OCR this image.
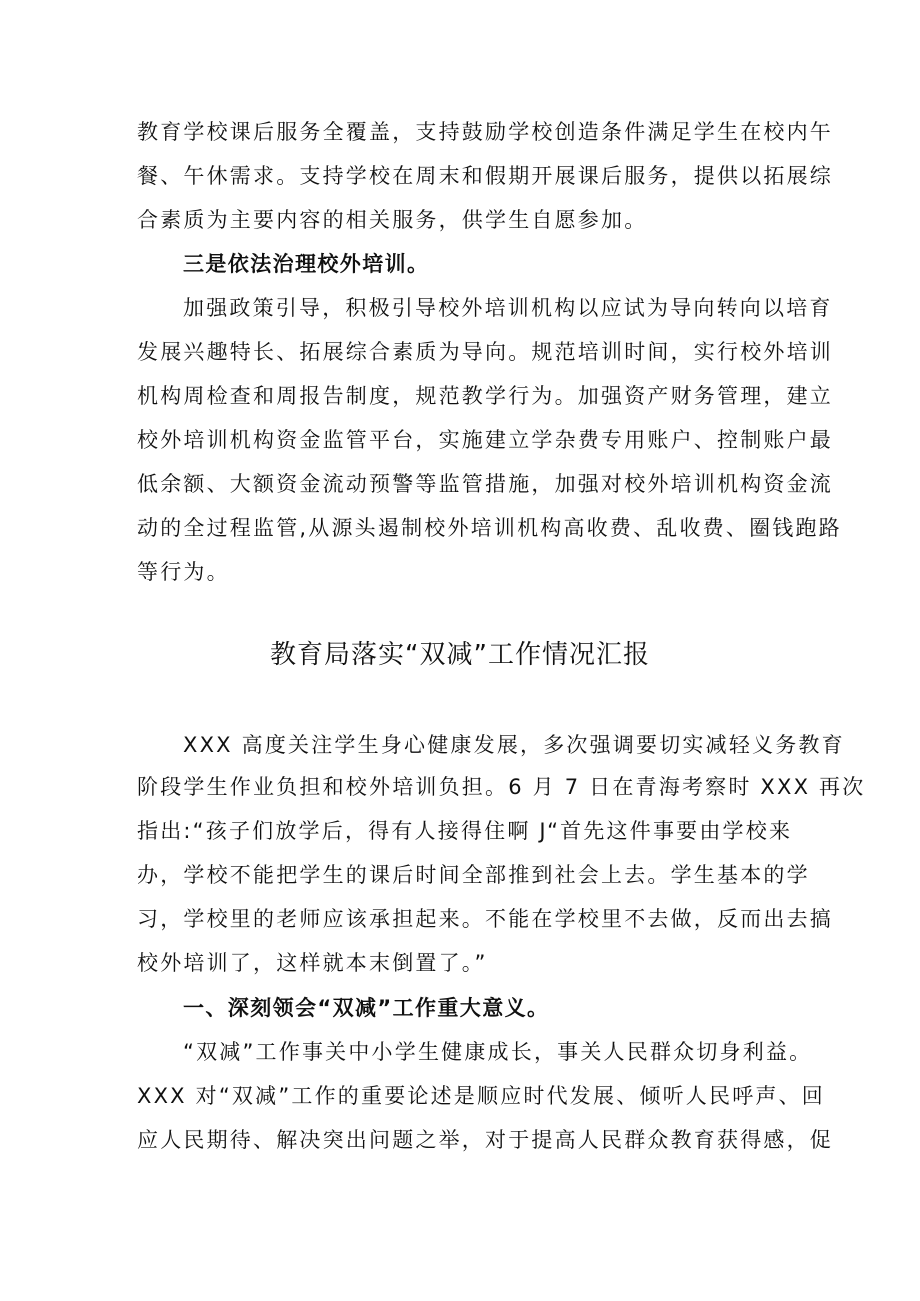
教育学校课后服务全覆盖，支持鼓励学校创造条件满足学生在校内午

餐、午休需求。支持学校在周末和假期开展课后服务，提供以拓展综

合素质为主要内容的相关服务，供学生自愿参加。

三是依法治理校外培训。

加强政策引导，积极引导校外培训机构以应试为导向转向以培育

发展兴趣特长、拓展综合素质为导向。规范培训时间，实行校外培训

机构周检查和周报告制度，规范教学行为。加强资产财务管理，建立

校外培训机构资金监管平台，实施建立学杂费专用账户、控制账户最

低余额、大额资金流动预警等监管措施，加强对校外培训机构资金流

动的全过程监管,从源头遏制校外培训机构高收费、乱收费、圈钱跑路

等行为。

教育局落实“双减”工作情况汇报

XXX 高度关注学生身心健康发展，多次强调要切实减轻义务教育

阶段学生作业负担和校外培训负担。6 月 7 日在青海考察时 XXX 再次

指出:“孩子们放学后，得有人接得住啊 J“首先这件事要由学校来

办，学校不能把学生的课后时间全部推到社会上去。学生基本的学

习，学校里的老师应该承担起来。不能在学校里不去做，反而出去搞

校外培训了，这样就本末倒置了。”

一、深刻领会“双减”工作重大意义。

“双减”工作事关中小学生健康成长，事关人民群众切身利益。

XXX 对“双减”工作的重要论述是顺应时代发展、倾听人民呼声、回

应人民期待、解决突出问题之举，对于提高人民群众教育获得感，促
